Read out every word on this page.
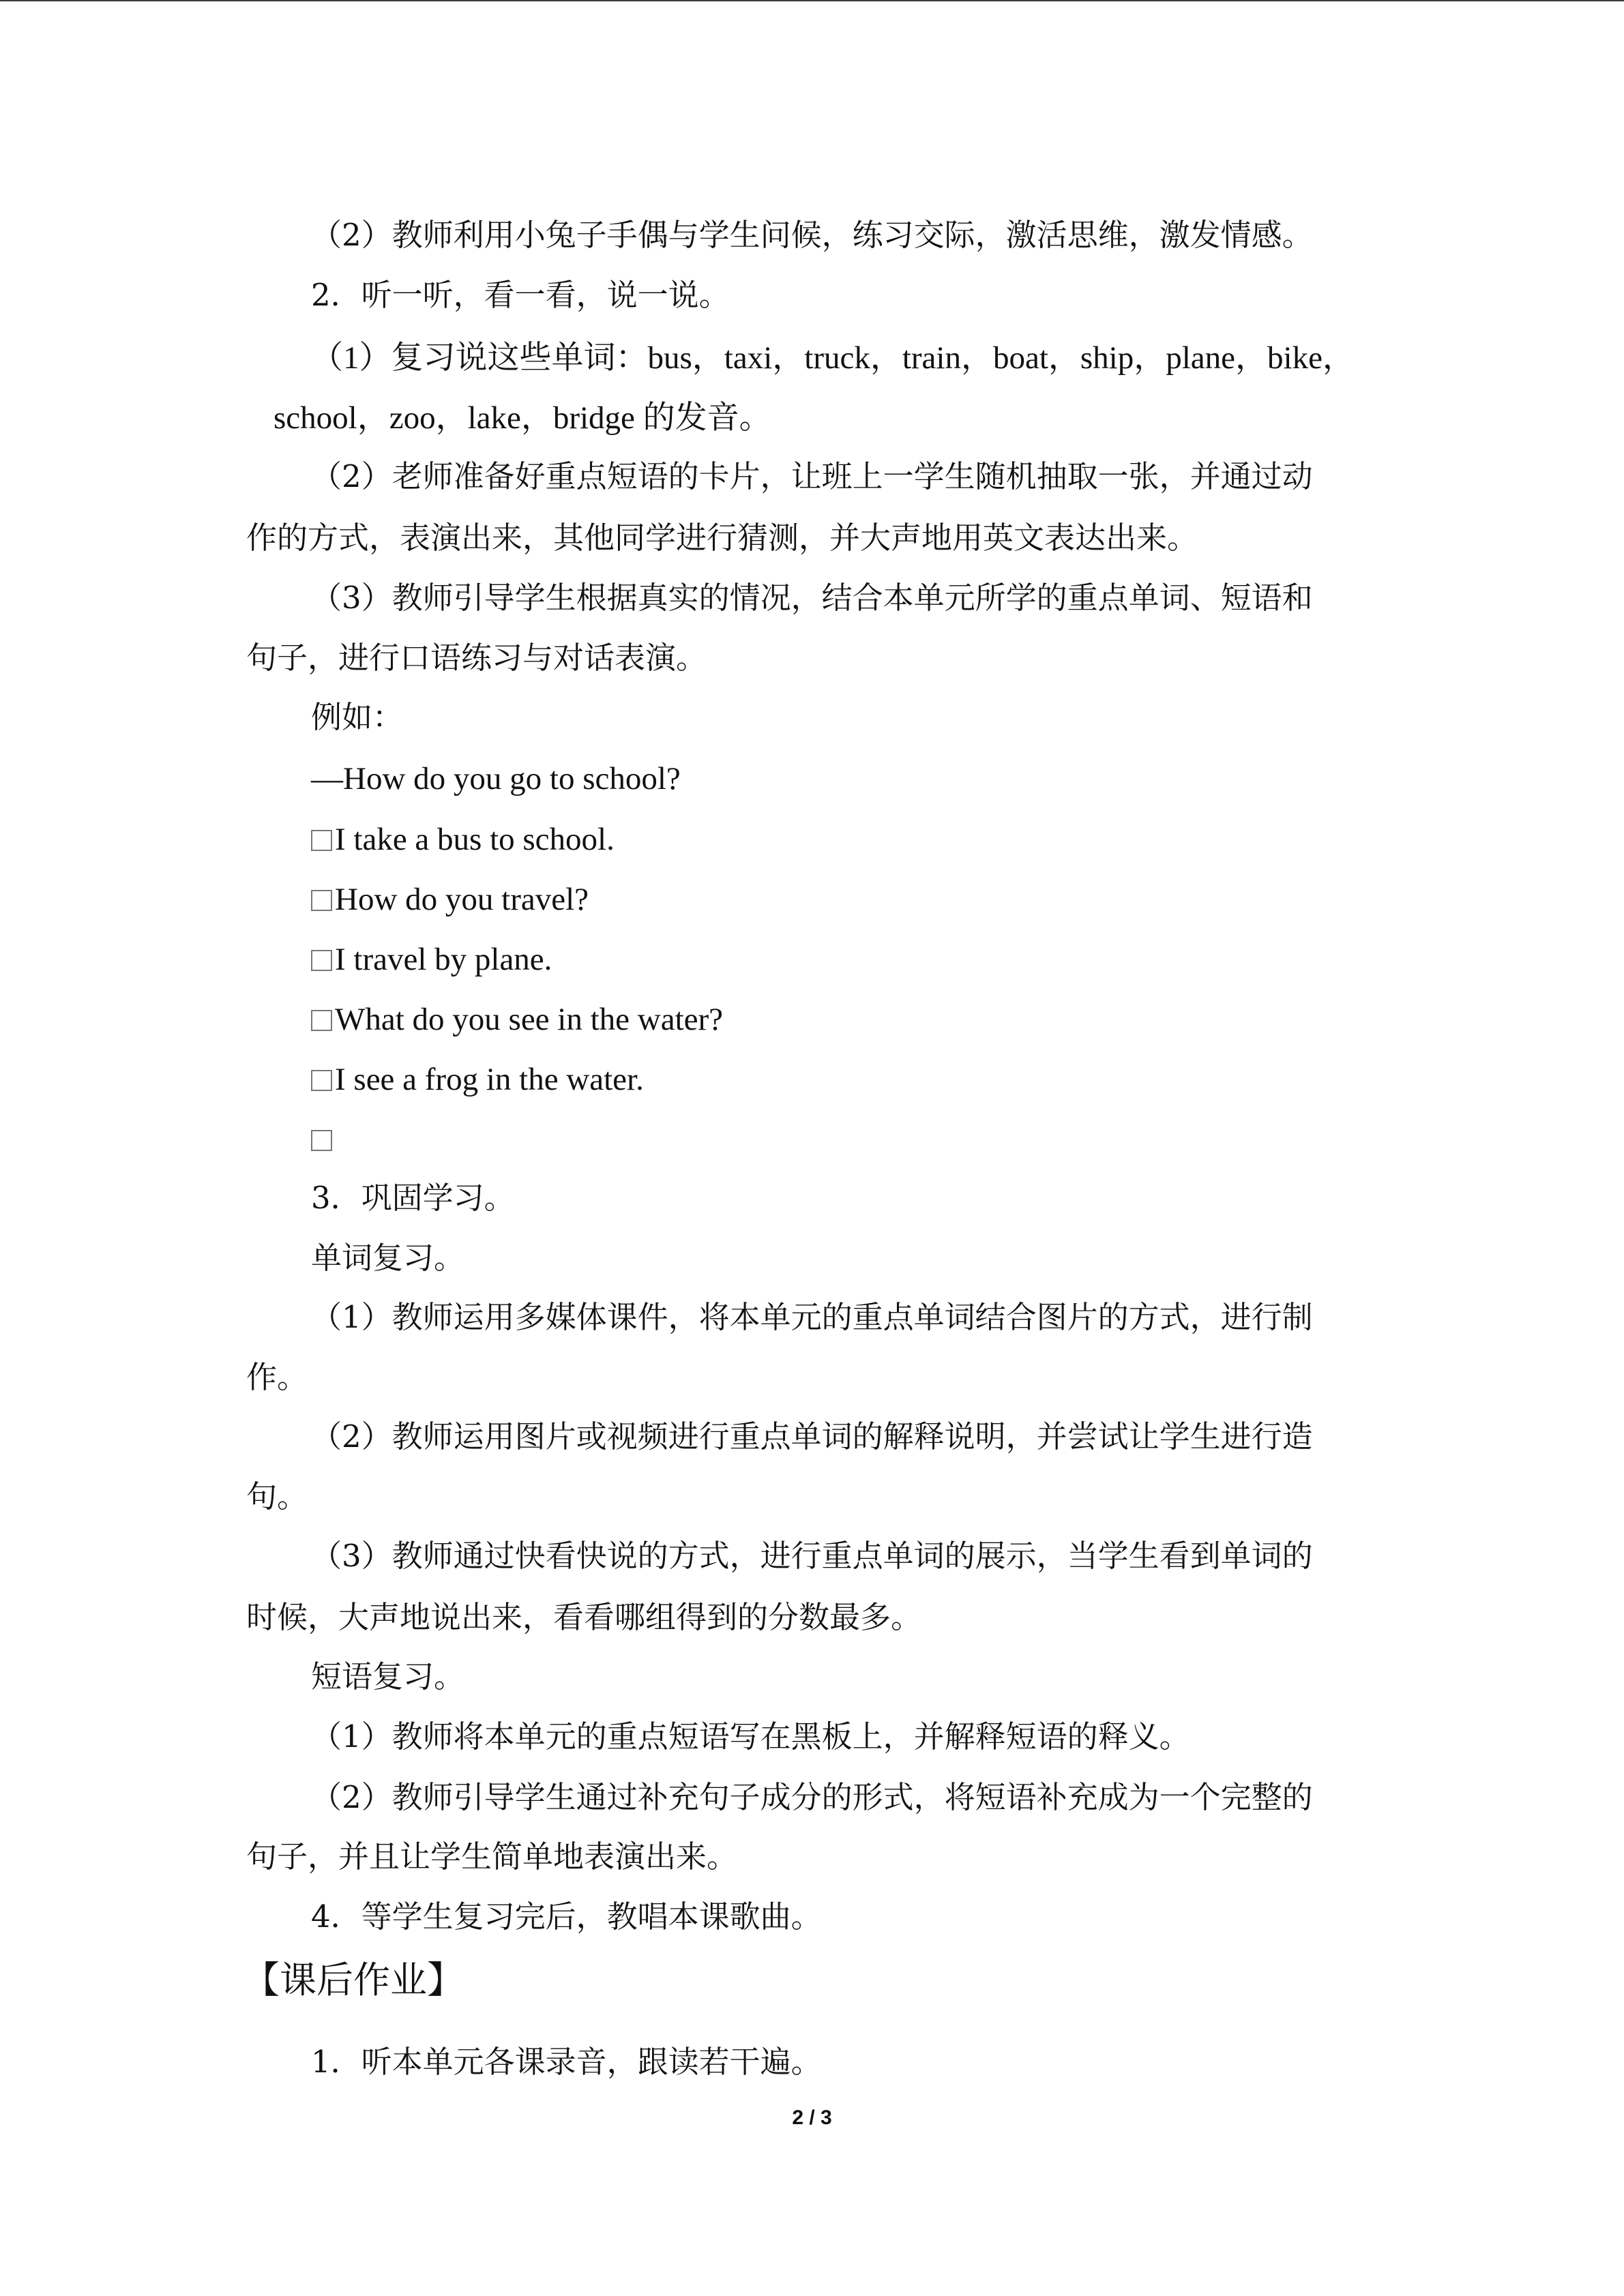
（2）教师利用小兔子手偶与学生问候，练习交际，激活思维，激发情感。
2．听一听，看一看，说一说。
（1）复习说这些单词：bus，taxi，truck，train，boat，ship，plane，bike，
school，zoo，lake，bridge 的发音。
（2）老师准备好重点短语的卡片，让班上一学生随机抽取一张，并通过动
作的方式，表演出来，其他同学进行猜测，并大声地用英文表达出来。
（3）教师引导学生根据真实的情况，结合本单元所学的重点单词、短语和
句子，进行口语练习与对话表演。
例如：
—How do you go to school?
I take a bus to school.
How do you travel?
I travel by plane.
What do you see in the water?
I see a frog in the water.
3．巩固学习。
单词复习。
（1）教师运用多媒体课件，将本单元的重点单词结合图片的方式，进行制
作。
（2）教师运用图片或视频进行重点单词的解释说明，并尝试让学生进行造
句。
（3）教师通过快看快说的方式，进行重点单词的展示，当学生看到单词的
时候，大声地说出来，看看哪组得到的分数最多。
短语复习。
（1）教师将本单元的重点短语写在黑板上，并解释短语的释义。
（2）教师引导学生通过补充句子成分的形式，将短语补充成为一个完整的
句子，并且让学生简单地表演出来。
4．等学生复习完后，教唱本课歌曲。
【课后作业】
1．听本单元各课录音，跟读若干遍。
2 / 3
